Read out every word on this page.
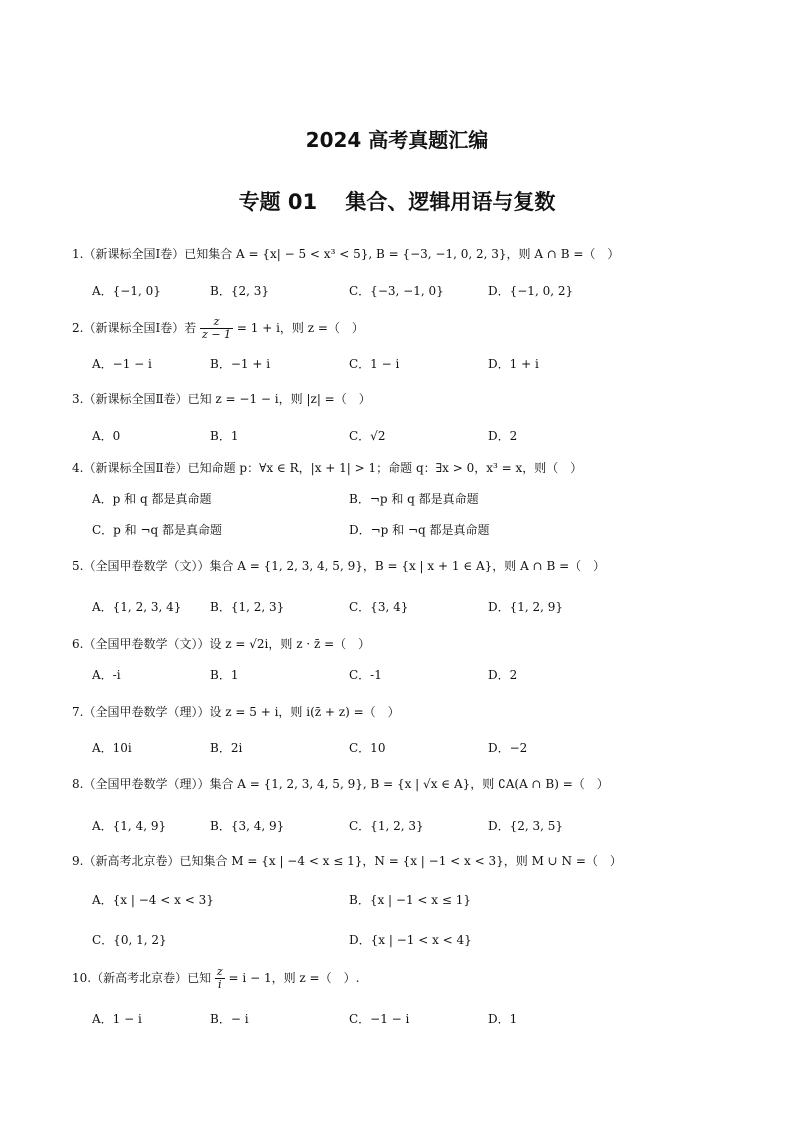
2024 高考真题汇编
专题 01　 集合、逻辑用语与复数
1.（新课标全国Ⅰ卷）已知集合 A = {x| − 5 < x³ < 5}, B = {−3, −1, 0, 2, 3}，则 A ∩ B =（　）
A．{−1, 0}	B．{2, 3}	C．{−3, −1, 0}	D．{−1, 0, 2}
2.（新课标全国Ⅰ卷）若 $\frac{z}{z - 1} = 1 + i$，则 z =（　）
A．−1 − i	B．−1 + i	C．1 − i	D．1 + i
3.（新课标全国Ⅱ卷）已知 z = −1 − i，则 |z| =（　）
A．0	B．1	C．√2	D．2
4.（新课标全国Ⅱ卷）已知命题 p：∀x ∈ R，|x + 1| > 1；命题 q：∃x > 0，x³ = x，则（　）
A．p 和 q 都是真命题	B．¬p 和 q 都是真命题
C．p 和 ¬q 都是真命题	D．¬p 和 ¬q 都是真命题
5.（全国甲卷数学（文））集合 A = {1, 2, 3, 4, 5, 9}，B = {x | x + 1 ∈ A}，则 A ∩ B =（　）
A．{1, 2, 3, 4} B．{1, 2, 3}	C．{3, 4}	D．{1, 2, 9}
6.（全国甲卷数学（文））设 z = √2i，则 z · z̄ =（　）
A．-i	B．1	C．-1	D．2
7.（全国甲卷数学（理））设 z = 5 + i，则 i(z̄ + z) =（　）
A．10i	B．2i	C．10	D．−2
8.（全国甲卷数学（理））集合 A = {1, 2, 3, 4, 5, 9}, B = {x | √x ∈ A}，则 ∁A(A ∩ B) =（　）
A．{1, 4, 9}	B．{3, 4, 9}	C．{1, 2, 3}	D．{2, 3, 5}
9.（新高考北京卷）已知集合 M = {x | −4 < x ≤ 1}，N = {x | −1 < x < 3}，则 M ∪ N =（　）
A．{x | −4 < x < 3}	B．{x | −1 < x ≤ 1}
C．{0, 1, 2}	D．{x | −1 < x < 4}
10.（新高考北京卷）已知 $\frac{z}{i} = i - 1$，则 z =（　）.
A．1 − i	B．− i	C．−1 − i	D．1
